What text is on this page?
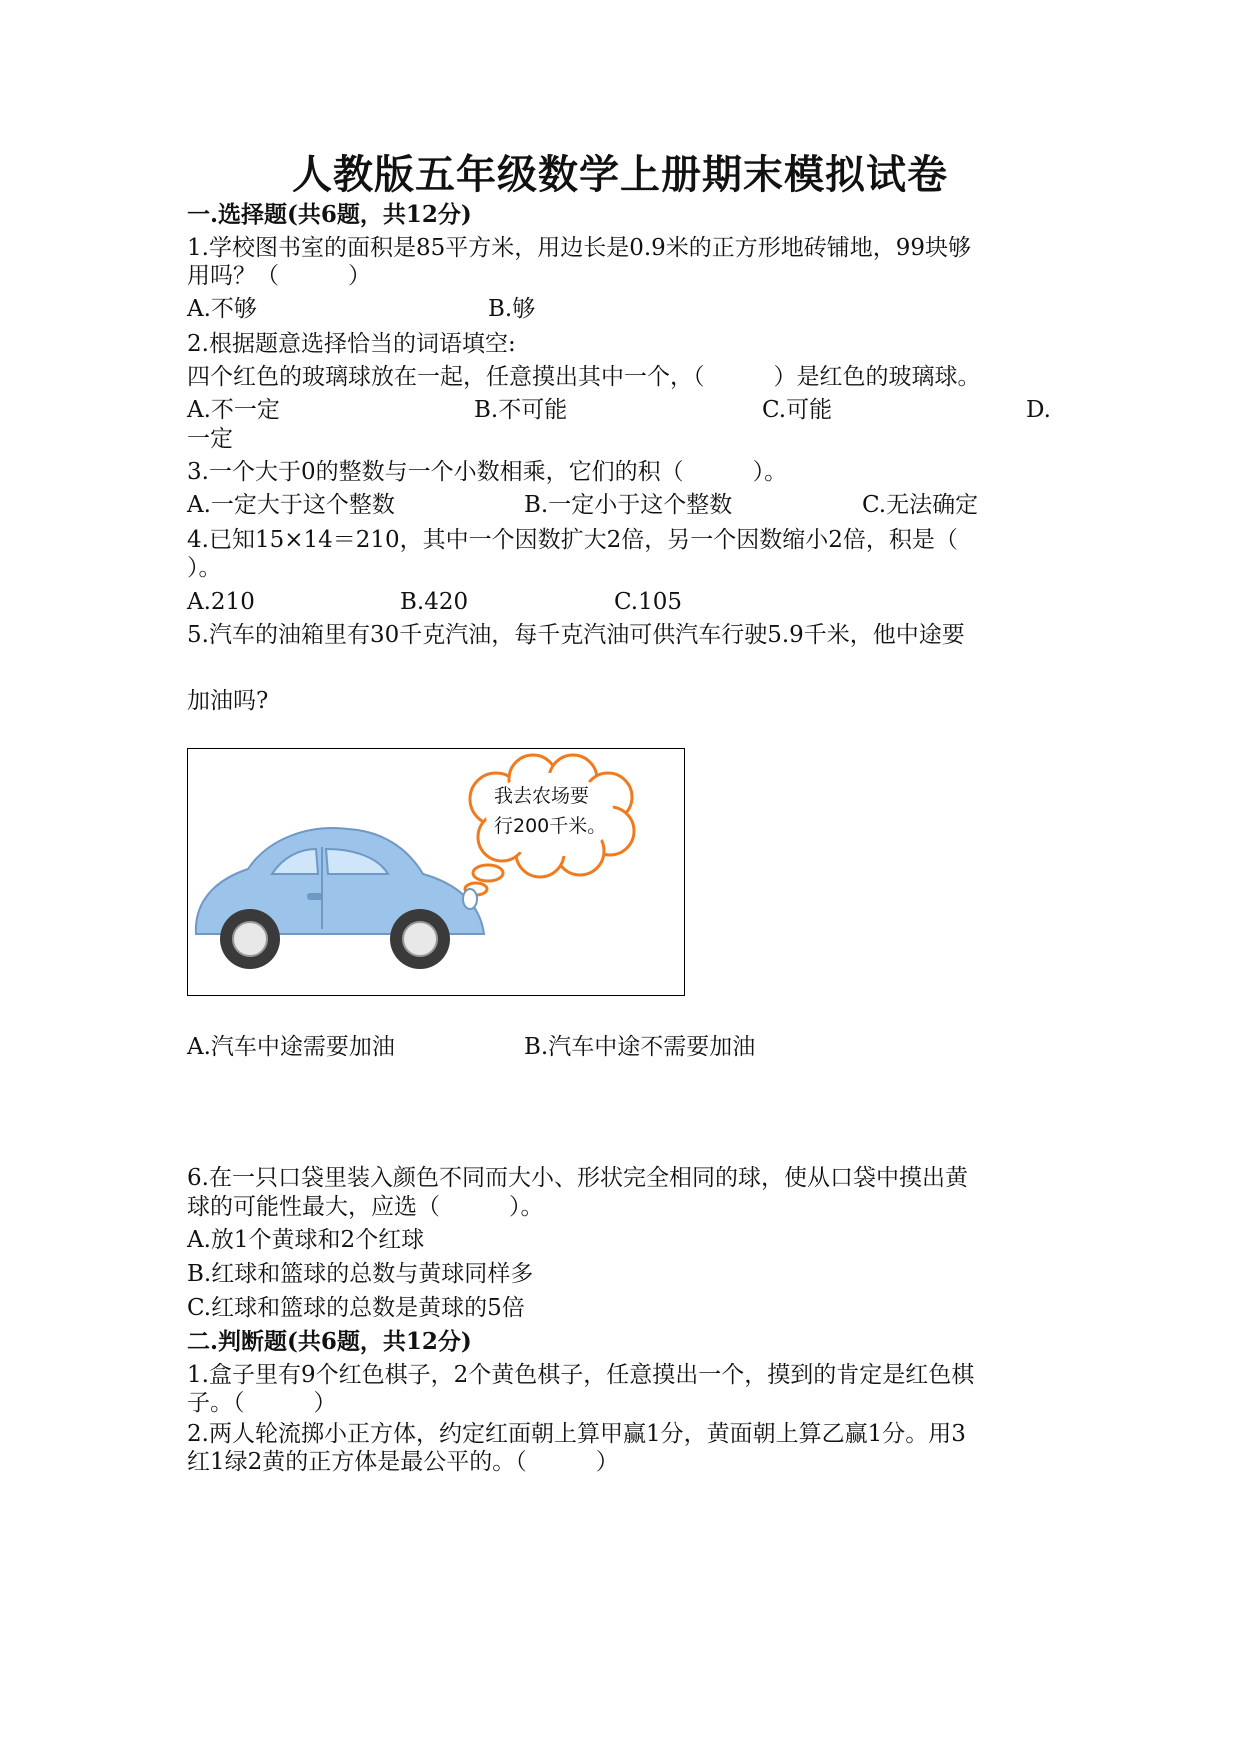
人教版五年级数学上册期末模拟试卷
一.选择题(共6题，共12分)
1.学校图书室的面积是85平方米，用边长是0.9米的正方形地砖铺地，99块够
用吗？（　　　）
A.不够	B.够
2.根据题意选择恰当的词语填空:
四个红色的玻璃球放在一起，任意摸出其中一个，（　　　）是红色的玻璃球。
A.不一定	B.不可能	C.可能	D.
一定
3.一个大于0的整数与一个小数相乘，它们的积（　　　）。
A.一定大于这个整数	B.一定小于这个整数	C.无法确定
4.已知15×14＝210，其中一个因数扩大2倍，另一个因数缩小2倍，积是（
）。
A.210	B.420	C.105
5.汽车的油箱里有30千克汽油，每千克汽油可供汽车行驶5.9千米，他中途要
加油吗?
我去农场要
行200千米。
A.汽车中途需要加油	B.汽车中途不需要加油
6.在一只口袋里装入颜色不同而大小、形状完全相同的球，使从口袋中摸出黄
球的可能性最大，应选（　　　）。
A.放1个黄球和2个红球
B.红球和篮球的总数与黄球同样多
C.红球和篮球的总数是黄球的5倍
二.判断题(共6题，共12分)
1.盒子里有9个红色棋子，2个黄色棋子，任意摸出一个，摸到的肯定是红色棋
子。（　　　）
2.两人轮流掷小正方体，约定红面朝上算甲赢1分，黄面朝上算乙赢1分。用3
红1绿2黄的正方体是最公平的。（　　　）
